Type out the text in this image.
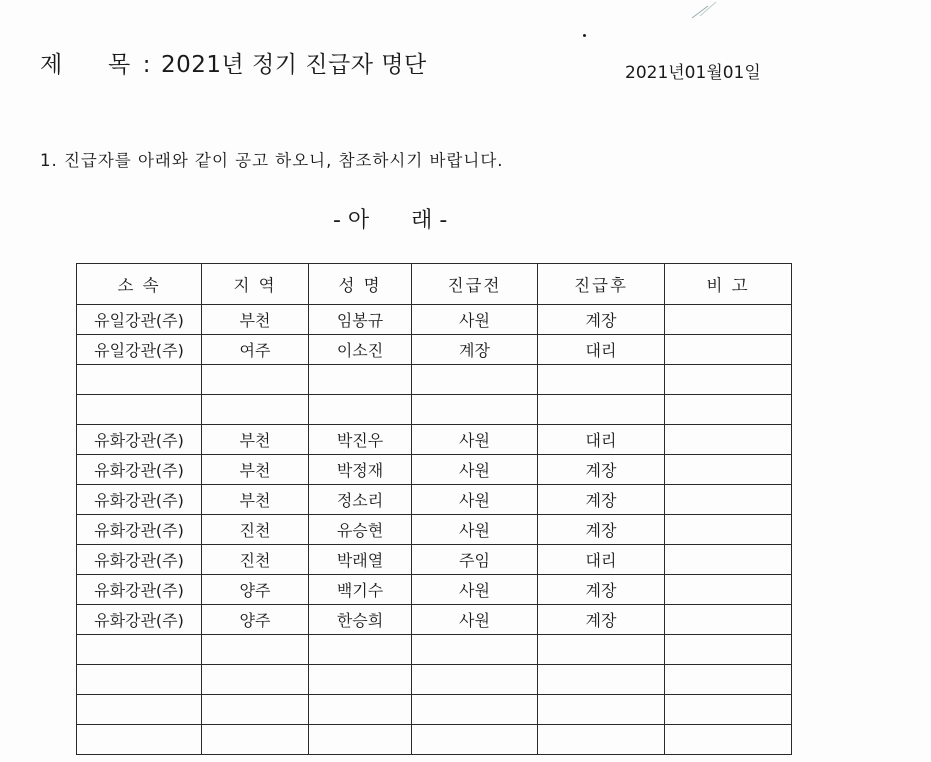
제 목 : 2021년 정기 진급자 명단	2021년01월01일
1. 진급자를 아래와 같이 공고 하오니, 참조하시기 바랍니다.
- 아      래 -
소 속	지 역	성 명	진급전	진급후	비 고
유일강관(주)	부천	임봉규	사원	계장	
유일강관(주)	여주	이소진	계장	대리	

유화강관(주)	부천	박진우	사원	대리	
유화강관(주)	부천	박정재	사원	계장	
유화강관(주)	부천	정소리	사원	계장	
유화강관(주)	진천	유승현	사원	계장	
유화강관(주)	진천	박래열	주임	대리	
유화강관(주)	양주	백기수	사원	계장	
유화강관(주)	양주	한승희	사원	계장	
